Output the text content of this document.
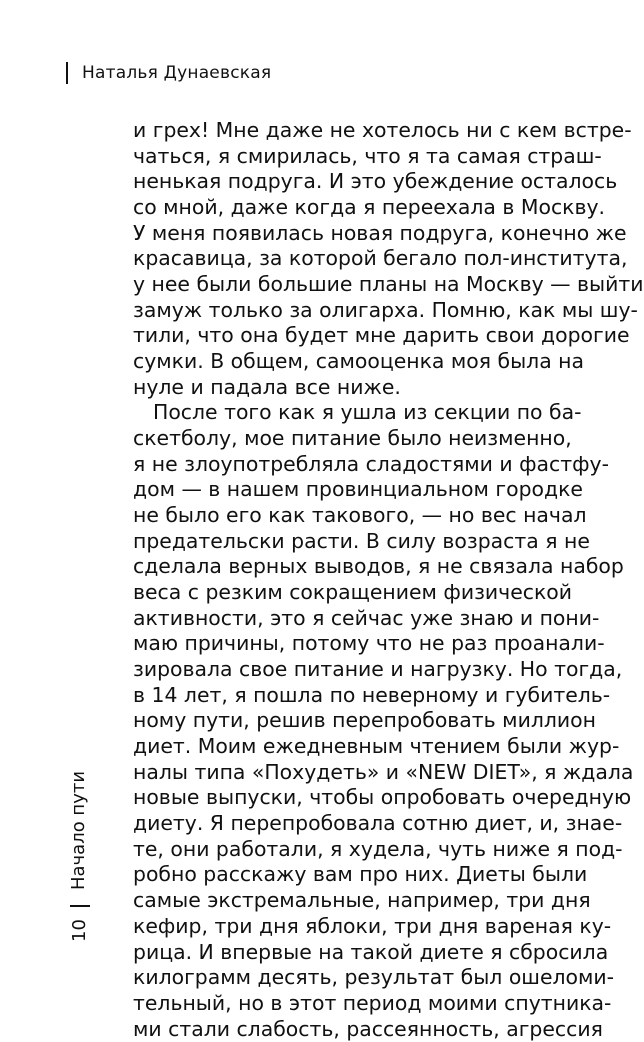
Наталья Дунаевская
и грех! Мне даже не хотелось ни с кем встре-
чаться, я смирилась, что я та самая страш-
ненькая подруга. И это убеждение осталось
со мной, даже когда я переехала в Москву.
У меня появилась новая подруга, конечно же
красавица, за которой бегало пол-института,
у нее были большие планы на Москву — выйти
замуж только за олигарха. Помню, как мы шу-
тили, что она будет мне дарить свои дорогие
сумки. В общем, самооценка моя была на
нуле и падала все ниже.
После того как я ушла из секции по ба-
скетболу, мое питание было неизменно,
я не злоупотребляла сладостями и фастфу-
дом — в нашем провинциальном городке
не было его как такового, — но вес начал
предательски расти. В силу возраста я не
сделала верных выводов, я не связала набор
веса с резким сокращением физической
активности, это я сейчас уже знаю и пони-
маю причины, потому что не раз проанали-
зировала свое питание и нагрузку. Но тогда,
в 14 лет, я пошла по неверному и губитель-
ному пути, решив перепробовать миллион
диет. Моим ежедневным чтением были жур-
налы типа «Похудеть» и «NEW DIET», я ждала
новые выпуски, чтобы опробовать очередную
диету. Я перепробовала сотню диет, и, знае-
те, они работали, я худела, чуть ниже я под-
робно расскажу вам про них. Диеты были
самые экстремальные, например, три дня
кефир, три дня яблоки, три дня вареная ку-
рица. И впервые на такой диете я сбросила
килограмм десять, результат был ошеломи-
тельный, но в этот период моими спутника-
ми стали слабость, рассеянность, агрессия
Начало пути
10
